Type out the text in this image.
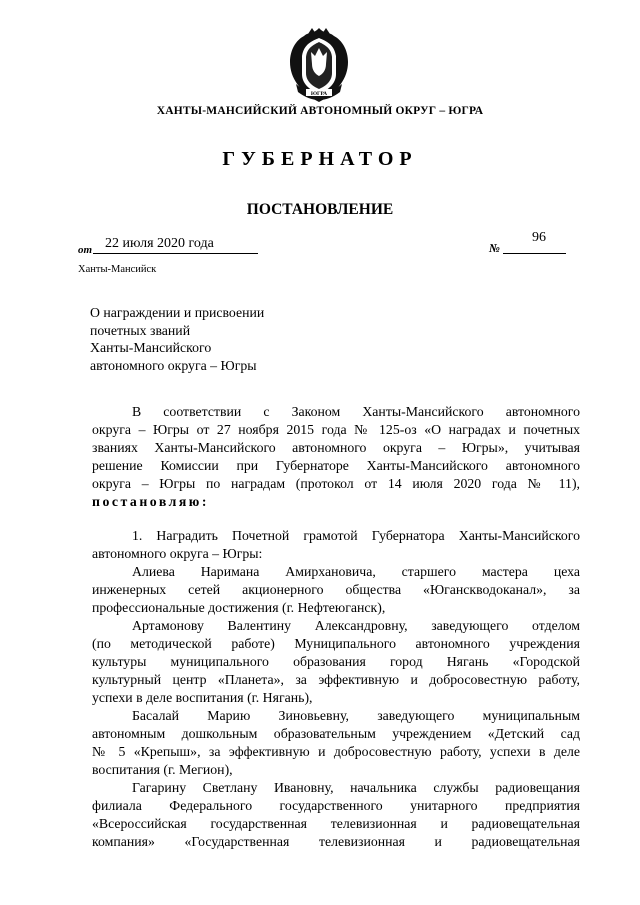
ЮГРА
ХАНТЫ-МАНСИЙСКИЙ АВТОНОМНЫЙ ОКРУГ – ЮГРА
ГУБЕРНАТОР
ПОСТАНОВЛЕНИЕ
от 22 июля 2020 года	№
96
Ханты-Мансийск
О награждении и присвоении
почетных званий
Ханты-Мансийского
автономного округа – Югры
В соответствии с Законом Ханты-Мансийского автономного
округа – Югры от 27 ноября 2015 года № 125-оз «О наградах и почетных
званиях Ханты-Мансийского автономного округа – Югры», учитывая
решение Комиссии при Губернаторе Ханты-Мансийского автономного
округа – Югры по наградам (протокол от 14 июля 2020 года № 11),
постановляю:
1. Наградить Почетной грамотой Губернатора Ханты-Мансийского
автономного округа – Югры:
Алиева Наримана Амирхановича, старшего мастера цеха
инженерных сетей акционерного общества «Юганскводоканал», за
профессиональные достижения (г. Нефтеюганск),
Артамонову Валентину Александровну, заведующего отделом
(по методической работе) Муниципального автономного учреждения
культуры муниципального образования город Нягань «Городской
культурный центр «Планета», за эффективную и добросовестную работу,
успехи в деле воспитания (г. Нягань),
Басалай Марию Зиновьевну, заведующего муниципальным
автономным дошкольным образовательным учреждением «Детский сад
№ 5 «Крепыш», за эффективную и добросовестную работу, успехи в деле
воспитания (г. Мегион),
Гагарину Светлану Ивановну, начальника службы радиовещания
филиала Федерального государственного унитарного предприятия
«Всероссийская государственная телевизионная и радиовещательная
компания» «Государственная телевизионная и радиовещательная
